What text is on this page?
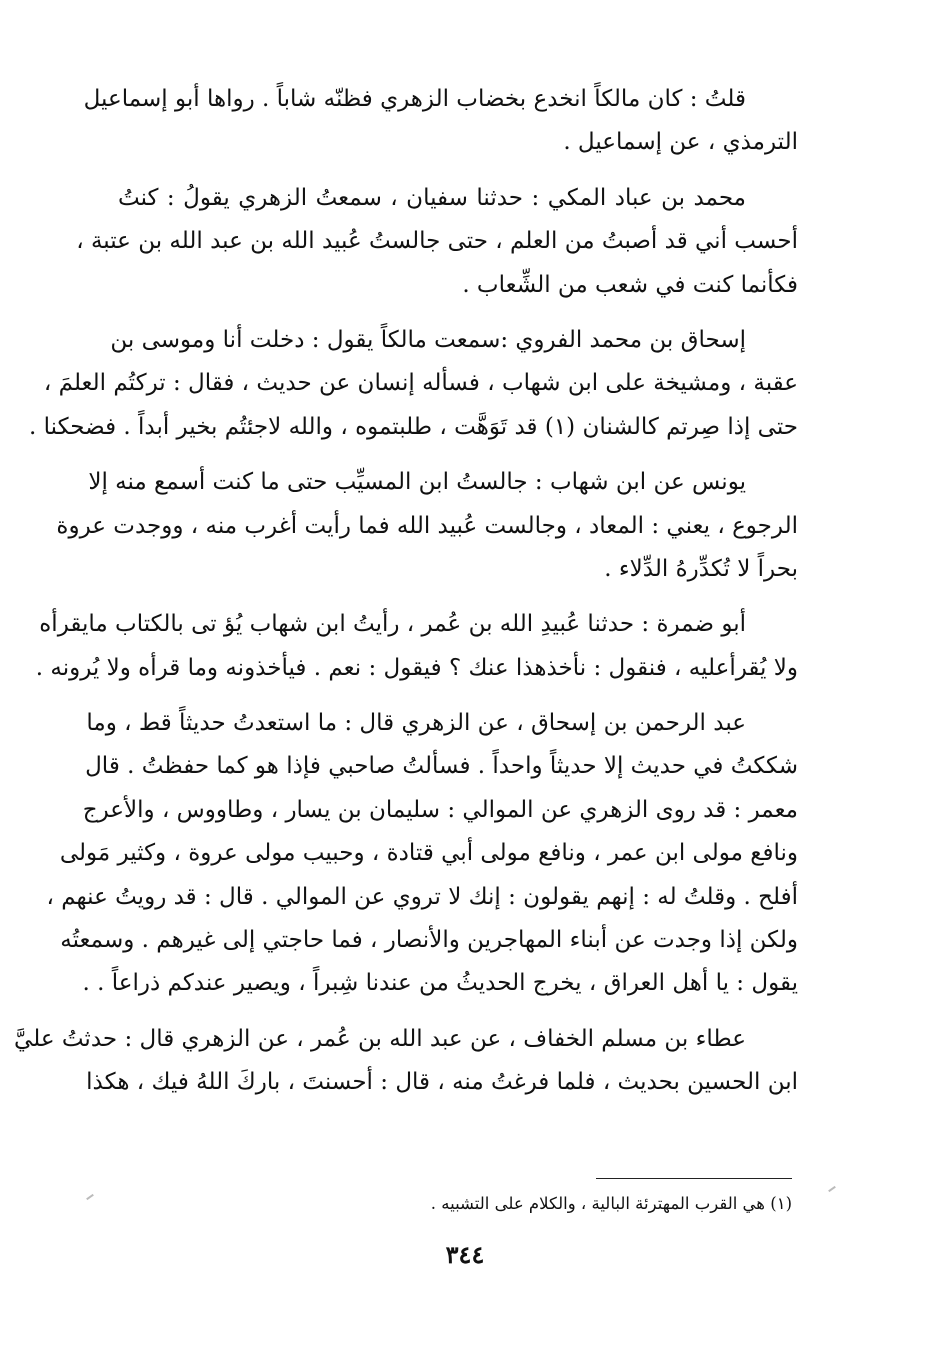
قلتُ : كان مالكاً انخدع بخضاب الزهري فظنّه شاباً . رواها أبو إسماعيل
الترمذي ، عن إسماعيل .
محمد بن عباد المكي : حدثنا سفيان ، سمعتُ الزهري يقولُ : كنتُ
أحسب أني قد أصبتُ من العلم ، حتى جالستُ عُبيد الله بن عبد الله بن عتبة ،
فكأنما كنت في شعب من الشِّعاب .
إسحاق بن محمد الفروي :سمعت مالكاً يقول : دخلت أنا وموسى بن
عقبة ، ومشيخة على ابن شهاب ، فسأله إنسان عن حديث ، فقال : تركتُم العلمَ ،
حتى إذا صِرتم كالشنان (١) قد تَوَهَّت ، طلبتموه ، والله لاجئتُم بخير أبداً . فضحكنا .
يونس عن ابن شهاب : جالستُ ابن المسيِّب حتى ما كنت أسمع منه إلا
الرجوع ، يعني : المعاد ، وجالست عُبيد الله فما رأيت أغرب منه ، ووجدت عروة
بحراً لا تُكدِّرهُ الدِّلاء .
أبو ضمرة : حدثنا عُبيدِ الله بن عُمر ، رأيتُ ابن شهاب يُؤ تى بالكتاب مايقرأه
ولا يُقرأعليه ، فنقول : نأخذهذا عنك ؟ فيقول : نعم . فيأخذونه وما قرأه ولا يُرونه .
عبد الرحمن بن إسحاق ، عن الزهري قال : ما استعدتُ حديثاً قط ، وما
شككتُ في حديث إلا حديثاً واحداً . فسألتُ صاحبي فإذا هو كما حفظتُ . قال
معمر : قد روى الزهري عن الموالي : سليمان بن يسار ، وطاووس ، والأعرج
ونافع مولى ابن عمر ، ونافع مولى أبي قتادة ، وحبيب مولى عروة ، وكثير مَولى
أفلح . وقلتُ له : إنهم يقولون : إنك لا تروي عن الموالي . قال : قد رويتُ عنهم ،
ولكن إذا وجدت عن أبناء المهاجرين والأنصار ، فما حاجتي إلى غيرهم . وسمعتُه
يقول : يا أهل العراق ، يخرج الحديثُ من عندنا شِبراً ، ويصير عندكم ذراعاً . .
عطاء بن مسلم الخفاف ، عن عبد الله بن عُمر ، عن الزهري قال : حدثتُ عليَّ
ابن الحسين بحديث ، فلما فرغتُ منه ، قال : أحسنتَ ، باركَ اللهُ فيك ، هكذا
(١) هي القرب المهترئة البالية ، والكلام على التشبيه .
٣٤٤
